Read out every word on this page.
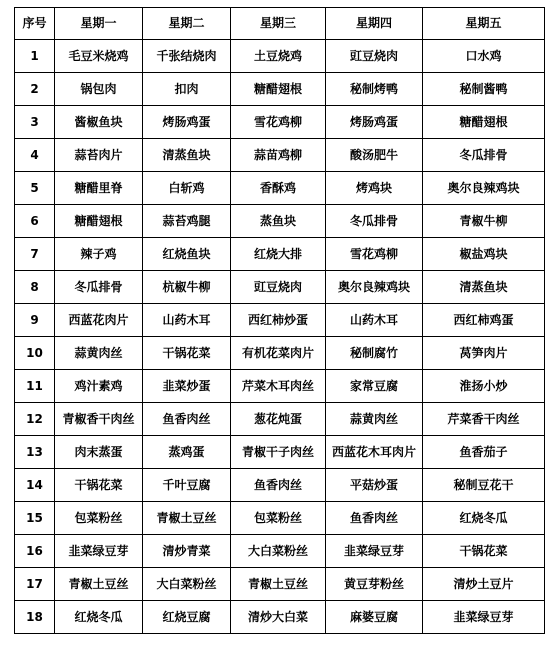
序号	星期一	星期二	星期三	星期四	星期五
1	毛豆米烧鸡	千张结烧肉	土豆烧鸡	豇豆烧肉	口水鸡
2	锅包肉	扣肉	糖醋翅根	秘制烤鸭	秘制酱鸭
3	酱椒鱼块	烤肠鸡蛋	雪花鸡柳	烤肠鸡蛋	糖醋翅根
4	蒜苔肉片	清蒸鱼块	蒜苗鸡柳	酸汤肥牛	冬瓜排骨
5	糖醋里脊	白斩鸡	香酥鸡	烤鸡块	奥尔良辣鸡块
6	糖醋翅根	蒜苔鸡腿	蒸鱼块	冬瓜排骨	青椒牛柳
7	辣子鸡	红烧鱼块	红烧大排	雪花鸡柳	椒盐鸡块
8	冬瓜排骨	杭椒牛柳	豇豆烧肉	奥尔良辣鸡块	清蒸鱼块
9	西蓝花肉片	山药木耳	西红柿炒蛋	山药木耳	西红柿鸡蛋
10	蒜黄肉丝	干锅花菜	有机花菜肉片	秘制腐竹	莴笋肉片
11	鸡汁素鸡	韭菜炒蛋	芹菜木耳肉丝	家常豆腐	淮扬小炒
12	青椒香干肉丝	鱼香肉丝	葱花炖蛋	蒜黄肉丝	芹菜香干肉丝
13	肉末蒸蛋	蒸鸡蛋	青椒干子肉丝	西蓝花木耳肉片	鱼香茄子
14	干锅花菜	千叶豆腐	鱼香肉丝	平菇炒蛋	秘制豆花干
15	包菜粉丝	青椒土豆丝	包菜粉丝	鱼香肉丝	红烧冬瓜
16	韭菜绿豆芽	清炒青菜	大白菜粉丝	韭菜绿豆芽	干锅花菜
17	青椒土豆丝	大白菜粉丝	青椒土豆丝	黄豆芽粉丝	清炒土豆片
18	红烧冬瓜	红烧豆腐	清炒大白菜	麻婆豆腐	韭菜绿豆芽
